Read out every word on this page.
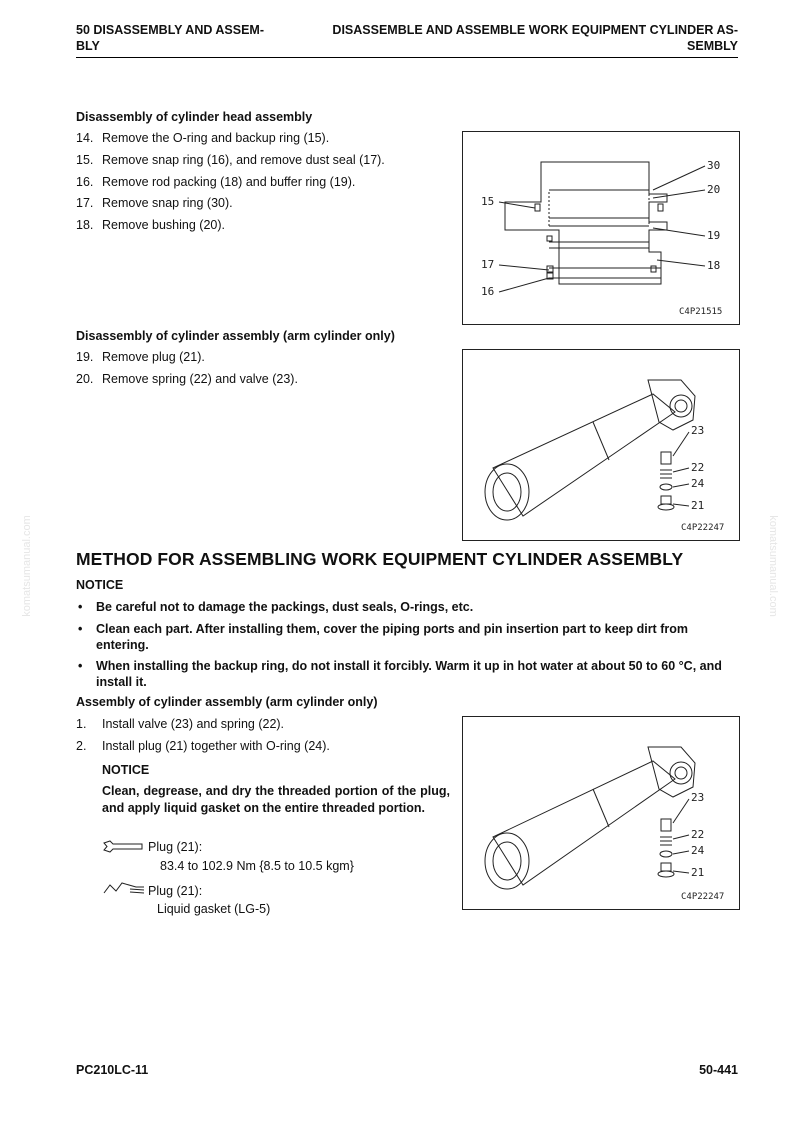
50 DISASSEMBLY AND ASSEM-
BLY
DISASSEMBLE AND ASSEMBLE WORK EQUIPMENT CYLINDER AS-
SEMBLY
komatsumanual.com	komatsumanual.com
Disassembly of cylinder head assembly
14. Remove the O-ring and backup ring (15).
15. Remove snap ring (16), and remove dust seal (17).
16. Remove rod packing (18) and buffer ring (19).
17. Remove snap ring (30).
18. Remove bushing (20).
30
20
15
19
17	18
16
C4P21515
Disassembly of cylinder assembly (arm cylinder only)
19. Remove plug (21).
20. Remove spring (22) and valve (23).
23
22
24
21
C4P22247
METHOD FOR ASSEMBLING WORK EQUIPMENT CYLINDER ASSEMBLY
NOTICE
•	Be careful not to damage the packings, dust seals, O-rings, etc.
•	Clean each part. After installing them, cover the piping ports and pin insertion part to keep dirt from entering.
•	When installing the backup ring, do not install it forcibly. Warm it up in hot water at about 50 to 60 °C, and install it.
Assembly of cylinder assembly (arm cylinder only)
1. Install valve (23) and spring (22).
2. Install plug (21) together with O-ring (24).
NOTICE
Clean, degrease, and dry the threaded portion of the plug, and apply liquid gasket on the entire threaded portion.
Plug (21):
83.4 to 102.9 Nm {8.5 to 10.5 kgm}
Plug (21):
Liquid gasket (LG-5)
23
22
24
21
C4P22247
PC210LC-11	50-441
